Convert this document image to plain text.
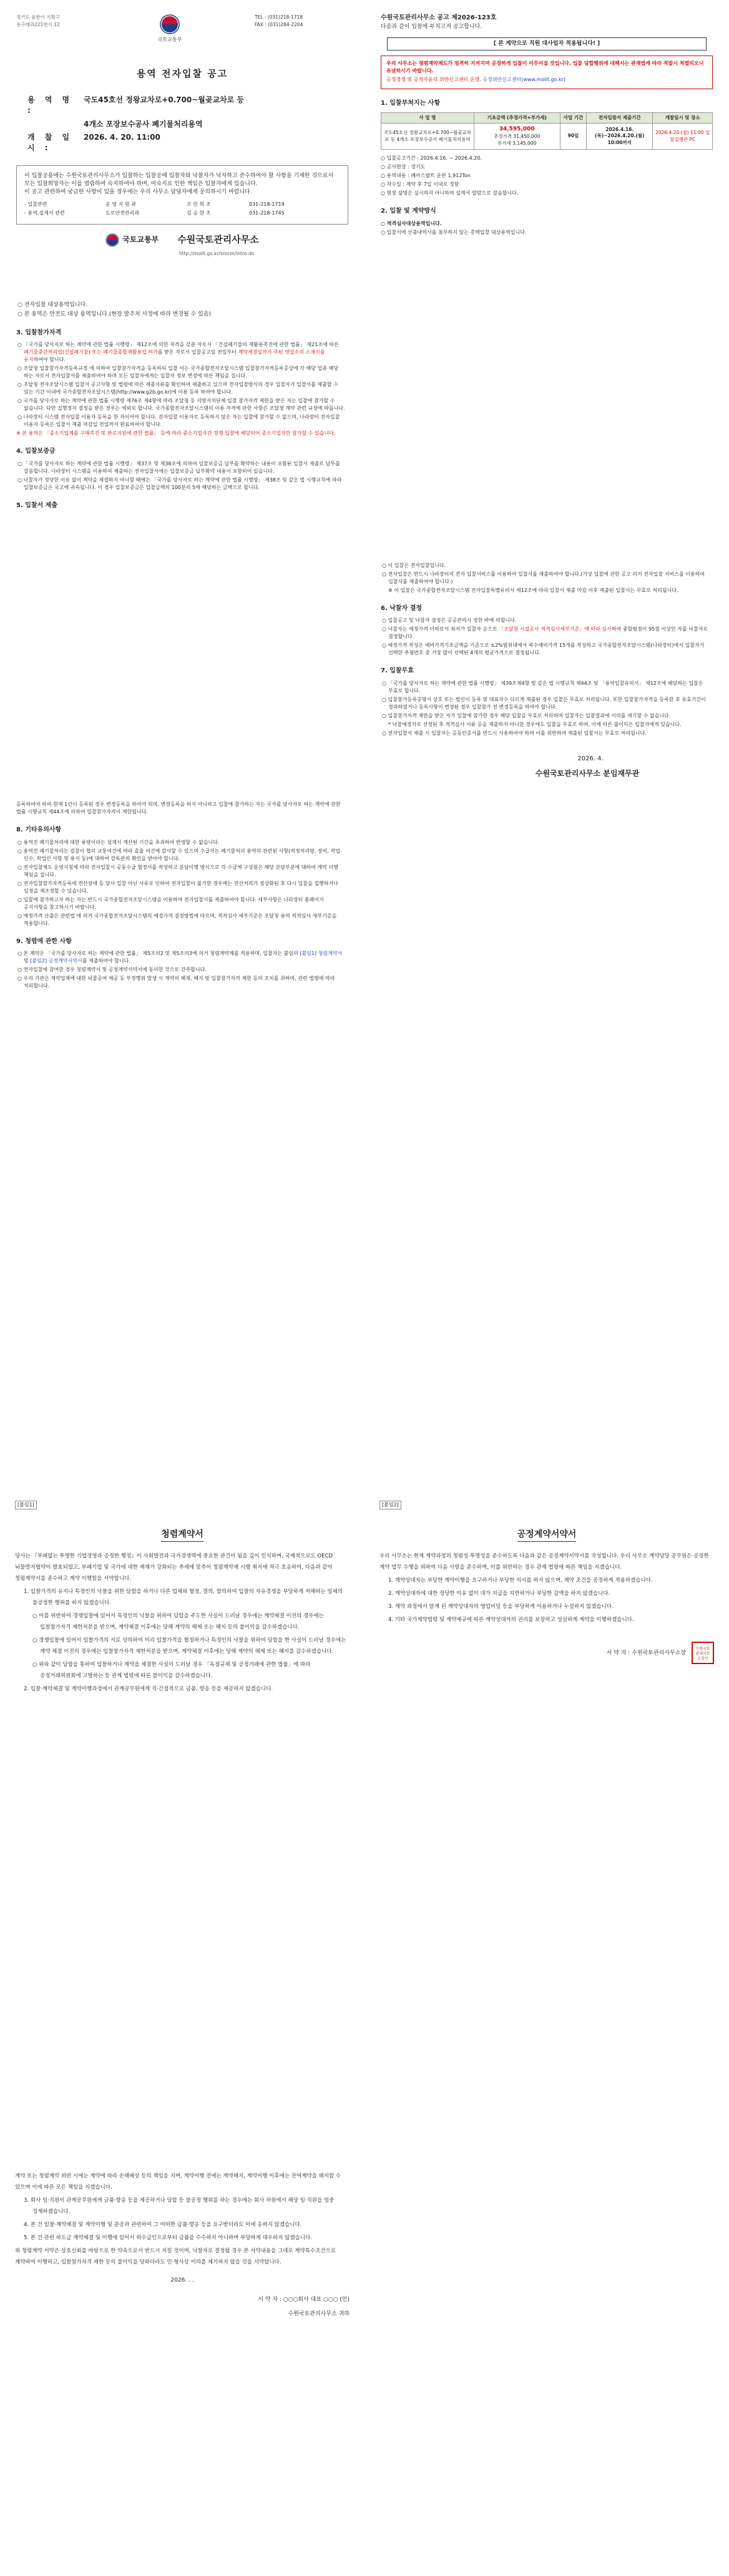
정기도 윤한이 기획구
용구매과221번지 12
국토교통부
TEL : (031)218-1718
FAX : (031)284-2204
용역 전자입찰 공고
용 역 명 :
국도45호선 정왕교차로+0.700~월곶교차로 등
4개소 포장보수공사 폐기물처리용역
개 찰 일 시 :
2026. 4. 20. 11:00
이 입찰공용에는 수원국토관리사무소가 입찰하는 입찰공에 입찰자와 낙찰자가 낙자하고 준수하여야 할 사항을 기재한 것으로서 모든 입찰희망자는 이를 열람하여 숙지하여야 하며, 미숙지로 인한 책임은 입찰자에게 있습니다.
이 공고 관련하여 궁금한 사항이 있을 경우에는 우리 사무소 담당자에게 문의하시기 바랍니다.
- 입찰관련	운 영 지 원 과	조 민 희 조	031-218-1719
- 용역,설계서 관련	도로안전관리과	김 승 한 조	031-218-1745
국토교통부 수원국토관리사무소
http://molit.go.kr/srocm/intro.do
○ 전자입찰 대상용역입니다.
○ 본 용역은 안전도 대상 용역입니다.(현장 발주처 사정에 따라 변경될 수 있음)
3. 입찰참가자격
○ 「국가를 당사자로 하는 계약에 관한 법률 시행령」 제12조에 의한 자격을 갖춘 자로서 「건설폐기물의 재활용촉진에 관한 법률」 제21조에 따른 폐기물중간처리업(건설폐기물) 또는 폐기물종합재활용업 허가를 받은 자로서 입찰공고일 전일부터 계약체결일까지 주된 영업소의 소재지를 유지하여야 합니다.
○ 조달청 입찰참가자격등록규정 에 의하여 입찰참가자격을 등록하되 입찰 서는 국가종합전자조달시스템 입찰참가자격등록증상에 각 해당 업종 해당 하는 자로서 전자입찰서를 제출하여야 하며 모든 입찰자에게는 입찰자 정보 변경에 따른 책임을 집니다.
○ 조달청 전자조달시스템 입찰서 공고사항 및 법령에 따른 제출서류를 확인하여 제출하고 있으며 전자입찰방식의 경우 입찰자가 입찰서를 제출할 수 있는 기간 이내에 국가종합전자조달시스템(http://www.g2b.go.kr)에 이용 등록 하여야 합니다.
○ 국가를 당사자로 하는 계약에 관한 법률 시행령 제76조 제4항에 따라 조달청 등 지방자치단체 입찰 참가자격 제한을 받은 자는 입찰에 참가할 수 없습니다. 다만 집행정지 결정을 받은 경우는 예외로 합니다. 국가종합전자조달시스템의 이용 자격에 관한 사항은 조달청 계약 관련 규정에 따릅니다.
○ 나라장터 시스템 전자입찰 이용자 등록을 한 자이어야 합니다. 전자입찰 이용자로 등록하지 않은 자는 입찰에 참가할 수 없으며, 나라장터 전자입찰 이용자 등록은 입찰서 제출 마감일 전일까지 완료하여야 합니다.
※ 본 용역은 「중소기업제품 구매촉진 및 판로지원에 관한 법률」 등에 따라 중소기업자간 경쟁 입찰에 해당되어 중소기업자만 참가할 수 있습니다.
4. 입찰보증금
○ 「국가를 당사자로 하는 계약에 관한 법률 시행령」 제37조 및 제38조에 의하여 입찰보증금 납부를 확약하는 내용이 포함된 입찰서 제출로 납부를 갈음합니다. 나라장터 시스템을 이용하여 제출하는 전자입찰서에는 입찰보증금 납부확약 내용이 포함되어 있습니다.
○ 낙찰자가 정당한 이유 없이 계약을 체결하지 아니할 때에는 「국가를 당사자로 하는 계약에 관한 법률 시행령」 제38조 및 같은 법 시행규칙에 따라 입찰보증금은 국고에 귀속됩니다. 이 경우 입찰보증금은 입찰금액의 100분의 5에 해당하는 금액으로 합니다.
5. 입찰서 제출
등록하여야 하며 현재 1인이 등록된 경우 변경등록을 하여야 되며, 변경등록을 하지 아니하고 입찰에 참가하는 자는 국가를 당사자로 하는 계약에 관한 법률 시행규칙 제44조에 의하여 입찰참가자격이 제한됩니다.
8. 기타유의사항
○ 용역진 폐기물처리에 대한 용량이라는 설계서 계산된 기간을 초과하여 반영할 수 없습니다.
○ 용역진 폐기물처리는 검찰이 협의 교통여건에 따라 효율 여건에 감사할 수 있으며 수급자는 폐기물처리 용역의 관련된 사항(적정처리량, 장비, 작업 인수, 작업인 사항 및 용지 등)에 대하여 감독관의 확인을 받아야 합니다.
○ 전자입찰제도 운영지침에 따라 전자입찰시 공동수급 협정서를 작성하고 분담이행 방식으로 각 수급체 구성원은 해당 분담부분에 대하여 계약 이행 책임을 집니다.
○ 전자입찰참가자격등록에 전산장애 등 당사 입찰 아닌 사유로 인하여 전자입찰이 불가한 경우에는 전산처리가 정상화된 후 다시 입찰을 집행하거나 일정을 재조정할 수 있습니다.
○ 입찰에 참가하고자 하는 자는 반드시 국가종합전자조달시스템을 이용하여 전자입찰서를 제출하여야 합니다. 세부사항은 나라장터 홈페이지 공지사항을 참고하시기 바랍니다.
○ 예정가격 산출은 관련법 에 의거 국가종합전자조달시스템의 예정가격 결정방법에 따르며, 적격심사 세부기준은 조달청 용역 적격심사 세부기준을 적용합니다.
9. 청렴에 관한 사항
○ 본 계약은 「국가를 당사자로 하는 계약에 관한 법률」 제5조의2 및 제5조의3에 의거 청렴계약제를 적용하며, 입찰자는 붙임의 [붙임1] 청렴계약서 및 [붙임2] 공정계약서약서를 제출하여야 합니다.
○ 전자입찰에 참여한 경우 청렴계약서 및 공정계약서약서에 동의한 것으로 간주합니다.
○ 우리 기관은 계약업체에 대한 뇌물공여 제공 등 부정행위 발생 시 계약의 해제, 해지 및 입찰참가자격 제한 등의 조치를 취하며, 관련 법령에 따라 처리합니다.
수원국토관리사무소 공고 제2026-123호
다음과 같이 입찰에 부치고저 공고합니다.
[ 본 계약으로 직원 대사업자 적용됩니다! ]
우리 사무소는 청렴계약제도가 엄격히 지켜지며 공정하게 입찰이 이루어질 것입니다. 입찰 담합행위에 대해서는 관계법에 따라 적발시 처벌되오니 유념하시기 바랍니다.
공정경쟁 및 공직자윤리 위반신고센터 운영. 공정위반신고센터(www.molit.go.kr)
1. 입찰부쳐지는 사항
사 업 명	기초금액 (추정가격+부가세)	사업 기간	전자입찰서 제출기간	개찰일시 및 장소
국도45호선 정왕교차로+0.700~월곶교차로 등 4개소 포장보수공사 폐기물처리용역	34,595,000
추정가격 31,450,000
부가세 3,145,000	90일	2026.4.16.(목)~2026.4.20.(월) 10:00까지	2026.4.20.(월) 11:00 입찰집행관 PC
○ 입찰공고기간 : 2026.4.16. ~ 2026.4.20.
○ 공사현장 : 경기도
○ 용역내용 : 폐아스팔트 운반 1,912Ton
○ 착수일 : 계약 후 7일 이내로 정함
○ 현장 설명은 실시하지 아니하며 설계서 열람으로 갈음합니다.
2. 입찰 및 계약방식
○ 적격심사대상용역입니다.
○ 입찰서에 산출내역서를 첨부하지 않는 총액입찰 대상용역입니다.
○ 이 입찰은 전자입찰입니다.
○ 전자입찰은 반드시 나라장터의 전자 입찰서비스를 이용하여 입찰서를 제출하여야 합니다.(가상 입찰에 관한 공고 의거 전자입찰 서비스를 이용하여 입찰서를 제출하여야 합니다.)
※ 이 입찰은 국가종합전자조달시스템 전자입찰특별유의서 제12조에 따라 입찰서 제출 마감 이후 제출된 입찰서는 무효로 처리됩니다.
6. 낙찰자 결정
○ 입찰공고 및 낙찰자 결정은 공공관리시 정한 바에 의합니다.
○ 낙찰자는 예정가격 이하로서 최저가 입찰자 순으로 「조달청 시설공사 적격심사세부기준」에 따라 심사하여 종합평점이 95점 이상인 자를 낙찰자로 결정합니다.
○ 예정가격 작성은 예비가격기초금액을 기준으로 ±2%범위내에서 복수예비가격 15개를 작성하고 국가종합전자조달시스템(나라장터)에서 입찰자가 선택한 추첨번호 중 가장 많이 선택된 4개의 평균가격으로 결정됩니다.
7. 입찰무효
○ 「국가를 당사자로 하는 계약에 관한 법률 시행령」 제39조제4항 및 같은 법 시행규칙 제44조 및 「용역입찰유의서」 제12조에 해당하는 입찰은 무효로 합니다.
○ 입찰참가등록증명서 상호 또는 법인이 등록 및 대표자수 다르게 제출된 경우 입찰은 무효로 처리됩니다. 또한 입찰참가자격을 등록한 후 유효기간이 경과하였거나 등록사항이 변경된 경우 입찰참가 전 변경등록을 하여야 합니다.
○ 입찰참가자격 제한을 받은 자가 입찰에 참가한 경우 해당 입찰을 무효로 처리하며 입찰자는 입찰결과에 이의를 제기할 수 없습니다.
* 낙찰예정자로 선정된 후 적격심사 서류 등을 제출하지 아니한 경우에도 입찰을 무효로 하며, 이에 따른 불이익은 입찰자에게 있습니다.
○ 전자입찰서 제출 시 입찰자는 공동인증서를 반드시 사용하여야 하며 이를 위반하여 제출된 입찰서는 무효로 처리됩니다.
2026. 4.
수원국토관리사무소 분임재무관
[붙임1]
청렴계약서
당사는 『부패없는 투명한 기업경영과 공정한 행정』이 사회발전과 국가경쟁력에 중요한 관건이 됨을 깊이 인식하며, 국제적으로도 OECD 뇌물방지협약이 발효되었고, 부패기업 및 국가에 대한 제재가 강화되는 추세에 맞추어 청렴계약제 시행 취지에 적극 호응하여, 다음과 같이 청렴계약서를 준수하고 계약 이행함을 서약합니다.
1. 입찰가격의 유지나 특정인의 낙찰을 위한 담합을 하거나 다른 업체와 협정, 결의, 합의하여 입찰의 자유경쟁을 부당하게 저해하는 일체의 불공정한 행위를 하지 않겠습니다.
○ 이를 위반하여 경쟁입찰에 있어서 특정인의 낙찰을 위하여 담합을 주도한 사실이 드러날 경우에는 계약체결 이전의 경우에는 입찰참가자격 제한처분을 받으며, 계약체결 이후에는 당해 계약의 해제 또는 해지 등의 불이익을 감수하겠습니다.
○ 경쟁입찰에 있어서 입찰가격의 서로 상의하여 미리 입찰가격을 협정하거나 특정인의 낙찰을 위하여 담합을 한 사실이 드러날 경우에는 계약 체결 이전의 경우에는 입찰참가자격 제한처분을 받으며, 계약체결 이후에는 당해 계약의 해제 또는 해지를 감수하겠습니다.
○ 위와 같이 담합을 통하여 입찰하거나 계약을 체결한 사실이 드러날 경우 「독점규제 및 공정거래에 관한 법률」에 따라 공정거래위원회에 고발하는 등 관계 법령에 따른 불이익을 감수하겠습니다.
2. 입찰·계약체결 및 계약이행과정에서 관계공무원에게 직·간접적으로 금품, 향응 등을 제공하지 않겠습니다.
계약 또는 청렴계약 위반 시에는 계약에 따라 손해배상 등의 책임을 지며, 계약이행 전에는 계약해지, 계약이행 이후에는 잔여계약을 해지할 수 있으며 이에 따른 모든 책임을 지겠습니다.
3. 회사 임·직원이 관계공무원에게 금품·향응 등을 제공하거나 담합 등 불공정 행위를 하는 경우에는 회사 차원에서 해당 임·직원을 엄중 징계하겠습니다.
4. 본 건 입찰·계약체결 및 계약이행 및 준공과 관련하여 그 어떠한 금품·향응 등을 요구받더라도 이에 응하지 않겠습니다.
5. 본 건 관련 하도급 계약체결 및 이행에 있어서 하수급인으로부터 금품을 수수하지 아니하며 부당하게 대우하지 않겠습니다.
위 청렴계약 서약은 상호신뢰를 바탕으로 한 약속으로서 반드시 지킬 것이며, 낙찰자로 결정될 경우 본 서약내용을 그대로 계약특수조건으로 계약하여 이행하고, 입찰참가자격 제한 등의 불이익을 당하더라도 민·형사상 이의를 제기하지 않을 것을 서약합니다.
2026. . .
서 약 자 : ○○○회사 대표 ○○○ (인)
수원국토관리사무소 귀하
[붙임2]
공정계약서약서
우리 사무소는 현재 계약과정의 청렴성·투명성을 준수하도록 다음과 같은 공정계약서약서를 작성합니다. 우리 사무소 계약담당 공무원은 공정한 계약 업무 수행을 위하여 다음 사항을 준수하며, 이를 위반하는 경우 관계 법령에 따른 책임을 지겠습니다.
1. 계약상대자는 부당한 계약이행을 요구하거나 부당한 지시를 하지 않으며, 계약 조건을 공정하게 적용하겠습니다.
2. 계약상대자에 대한 정당한 이유 없이 대가 지급을 지연하거나 부당한 감액을 하지 않겠습니다.
3. 계약 과정에서 알게 된 계약상대자의 영업비밀 등을 부당하게 이용하거나 누설하지 않겠습니다.
4. 기타 국가계약법령 및 계약예규에 따른 계약상대자의 권리를 보장하고 성실하게 계약을 이행하겠습니다.
서 약 자 : 수원국토관리사무소장 수원국토
관리사무
소장인
